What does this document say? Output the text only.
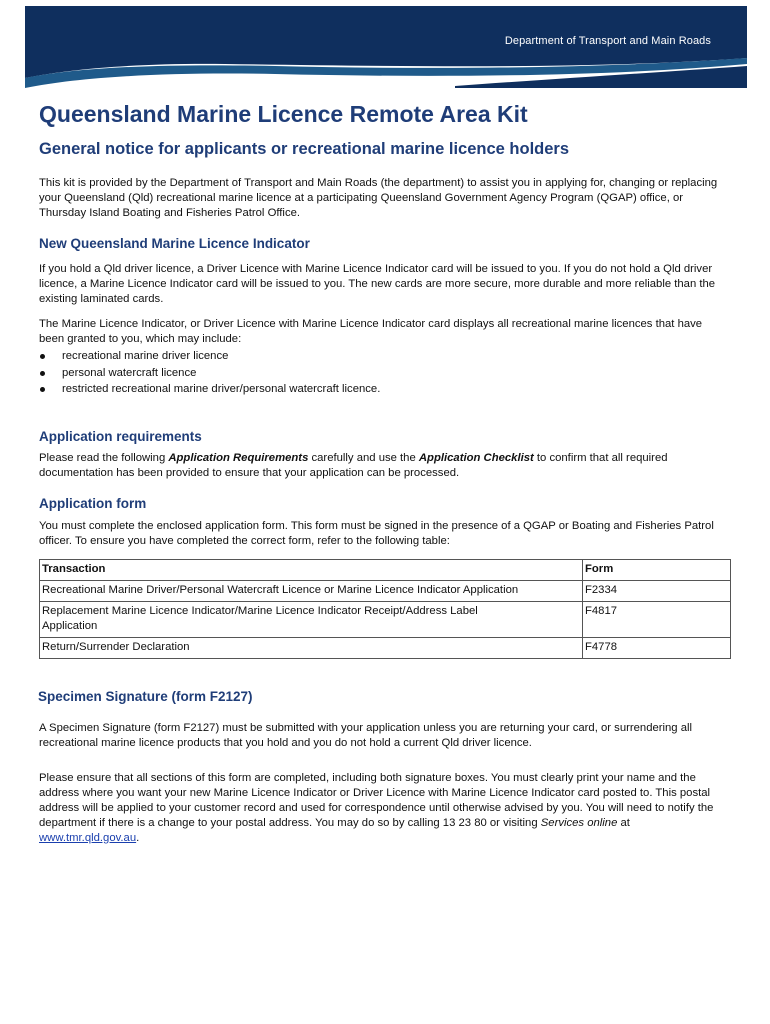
Department of Transport and Main Roads
Queensland Marine Licence Remote Area Kit
General notice for applicants or recreational marine licence holders

This kit is provided by the Department of Transport and Main Roads (the department) to assist you in applying for, changing or replacing your Queensland (Qld) recreational marine licence at a participating Queensland Government Agency Program (QGAP) office, or Thursday Island Boating and Fisheries Patrol Office.

New Queensland Marine Licence Indicator

If you hold a Qld driver licence, a Driver Licence with Marine Licence Indicator card will be issued to you. If you do not hold a Qld driver licence, a Marine Licence Indicator card will be issued to you. The new cards are more secure, more durable and more reliable than the existing laminated cards.

The Marine Licence Indicator, or Driver Licence with Marine Licence Indicator card displays all recreational marine licences that have been granted to you, which may include:

recreational marine driver licence
personal watercraft licence
restricted recreational marine driver/personal watercraft licence.
Application requirements

Please read the following Application Requirements carefully and use the Application Checklist to confirm that all required documentation has been provided to ensure that your application can be processed.

Application form

You must complete the enclosed application form. This form must be signed in the presence of a QGAP or Boating and Fisheries Patrol officer. To ensure you have completed the correct form, refer to the following table:

Transaction	Form
Recreational Marine Driver/Personal Watercraft Licence or Marine Licence Indicator Application	F2334
Replacement Marine Licence Indicator/Marine Licence Indicator Receipt/Address Label Application	F4817
Return/Surrender Declaration	F4778
Specimen Signature (form F2127)

A Specimen Signature (form F2127) must be submitted with your application unless you are returning your card, or surrendering all recreational marine licence products that you hold and you do not hold a current Qld driver licence.

Please ensure that all sections of this form are completed, including both signature boxes. You must clearly print your name and the address where you want your new Marine Licence Indicator or Driver Licence with Marine Licence Indicator card posted to. This postal address will be applied to your customer record and used for correspondence until otherwise advised by you. You will need to notify the department if there is a change to your postal address. You may do so by calling 13 23 80 or visiting Services online at www.tmr.qld.gov.au.
